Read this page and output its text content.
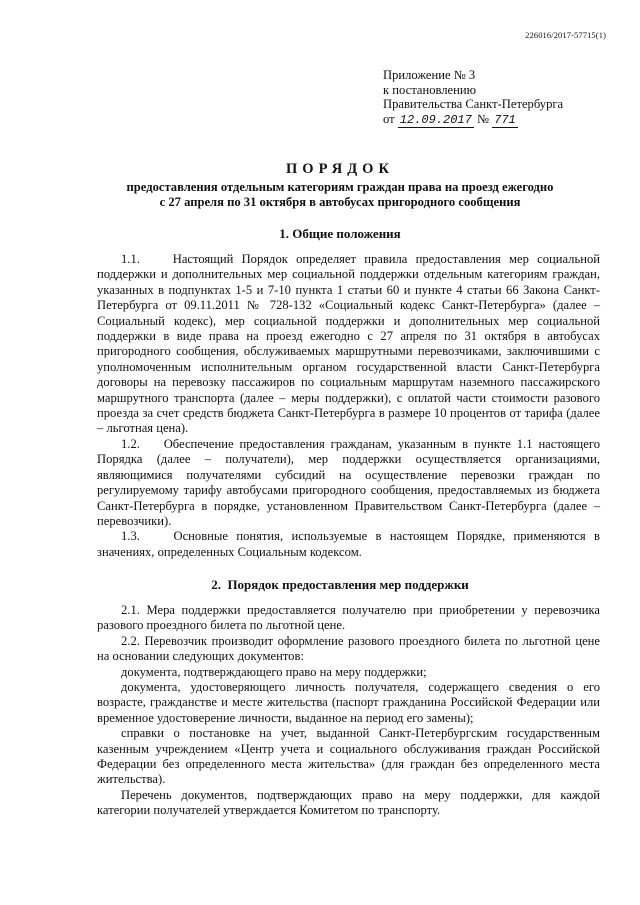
226016/2017-57715(1)
Приложение № 3
к постановлению
Правительства Санкт-Петербурга
от 12.09.2017 № 771
ПОРЯДОК
предоставления отдельным категориям граждан права на проезд ежегодно
с 27 апреля по 31 октября в автобусах пригородного сообщения
1. Общие положения

1.1.    Настоящий Порядок определяет правила предоставления мер социальной поддержки и дополнительных мер социальной поддержки отдельным категориям граждан, указанных в подпунктах 1-5 и 7-10 пункта 1 статьи 60 и пункте 4 статьи 66 Закона Санкт-Петербурга от 09.11.2011 № 728-132 «Социальный кодекс Санкт-Петербурга» (далее – Социальный кодекс), мер социальной поддержки и дополнительных мер социальной поддержки в виде права на проезд ежегодно с 27 апреля по 31 октября в автобусах пригородного сообщения, обслуживаемых маршрутными перевозчиками, заключившими с уполномоченным исполнительным органом государственной власти Санкт-Петербурга договоры на перевозку пассажиров по социальным маршрутам наземного пассажирского маршрутного транспорта (далее – меры поддержки), с оплатой части стоимости разового проезда за счет средств бюджета Санкт-Петербурга в размере 10 процентов от тарифа (далее – льготная цена).

1.2.    Обеспечение предоставления гражданам, указанным в пункте 1.1 настоящего Порядка (далее – получатели), мер поддержки осуществляется организациями, являющимися получателями субсидий на осуществление перевозки граждан по регулируемому тарифу автобусами пригородного сообщения, предоставляемых из бюджета Санкт-Петербурга в порядке, установленном Правительством Санкт-Петербурга (далее – перевозчики).

1.3.    Основные понятия, используемые в настоящем Порядке, применяются в значениях, определенных Социальным кодексом.

2.  Порядок предоставления мер поддержки

2.1. Мера поддержки предоставляется получателю при приобретении у перевозчика разового проездного билета по льготной цене.

2.2. Перевозчик производит оформление разового проездного билета по льготной цене на основании следующих документов:

документа, подтверждающего право на меру поддержки;

документа, удостоверяющего личность получателя, содержащего сведения о его возрасте, гражданстве и месте жительства (паспорт гражданина Российской Федерации или временное удостоверение личности, выданное на период его замены);

справки о постановке на учет, выданной Санкт-Петербургским государственным казенным учреждением «Центр учета и социального обслуживания граждан Российской Федерации без определенного места жительства» (для граждан без определенного места жительства).

Перечень документов, подтверждающих право на меру поддержки, для каждой категории получателей утверждается Комитетом по транспорту.
